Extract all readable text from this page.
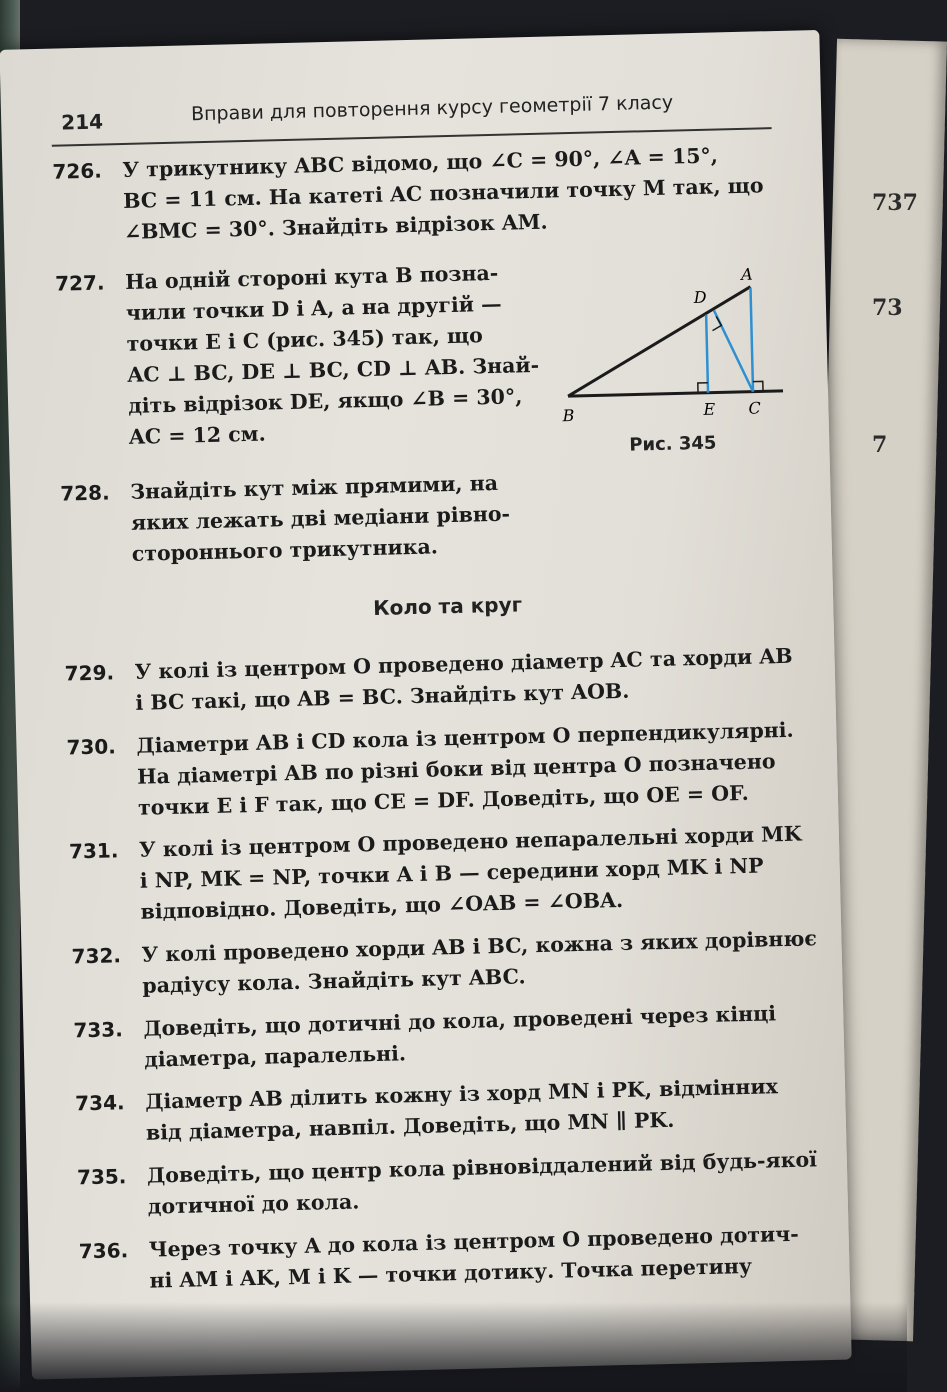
737
73
7
214	Вправи для повторення курсу геометрії 7 класу
726. У трикутнику ABC відомо, що ∠C = 90°, ∠A = 15°,
BC = 11 см. На катеті AC позначили точку M так, що
∠BMC = 30°. Знайдіть відрізок AM.
727. На одній стороні кута B позна-
чили точки D і A, а на другій —
точки E і C (рис. 345) так, що
AC ⊥ BC, DE ⊥ BC, CD ⊥ AB. Знай-
діть відрізок DE, якщо ∠B = 30°,
AC = 12 см.
A
D
B	E C
Рис. 345
728. Знайдіть кут між прямими, на
яких лежать дві медіани рівно-
стороннього трикутника.
Коло та круг
729. У колі із центром O проведено діаметр AC та хорди AB
і BC такі, що AB = BC. Знайдіть кут AOB.
730. Діаметри AB і CD кола із центром O перпендикулярні.
На діаметрі AB по різні боки від центра O позначено
точки E і F так, що CE = DF. Доведіть, що OE = OF.
731. У колі із центром O проведено непаралельні хорди MK
і NP, MK = NP, точки A і B — середини хорд MK і NP
відповідно. Доведіть, що ∠OAB = ∠OBA.
732. У колі проведено хорди AB і BC, кожна з яких дорівнює
радіусу кола. Знайдіть кут ABC.
733. Доведіть, що дотичні до кола, проведені через кінці
діаметра, паралельні.
734. Діаметр AB ділить кожну із хорд MN і PK, відмінних
від діаметра, навпіл. Доведіть, що MN ∥ PK.
735. Доведіть, що центр кола рівновіддалений від будь-якої
дотичної до кола.
736. Через точку A до кола із центром O проведено дотич-
ні AM і AK, M і K — точки дотику. Точка перетину
